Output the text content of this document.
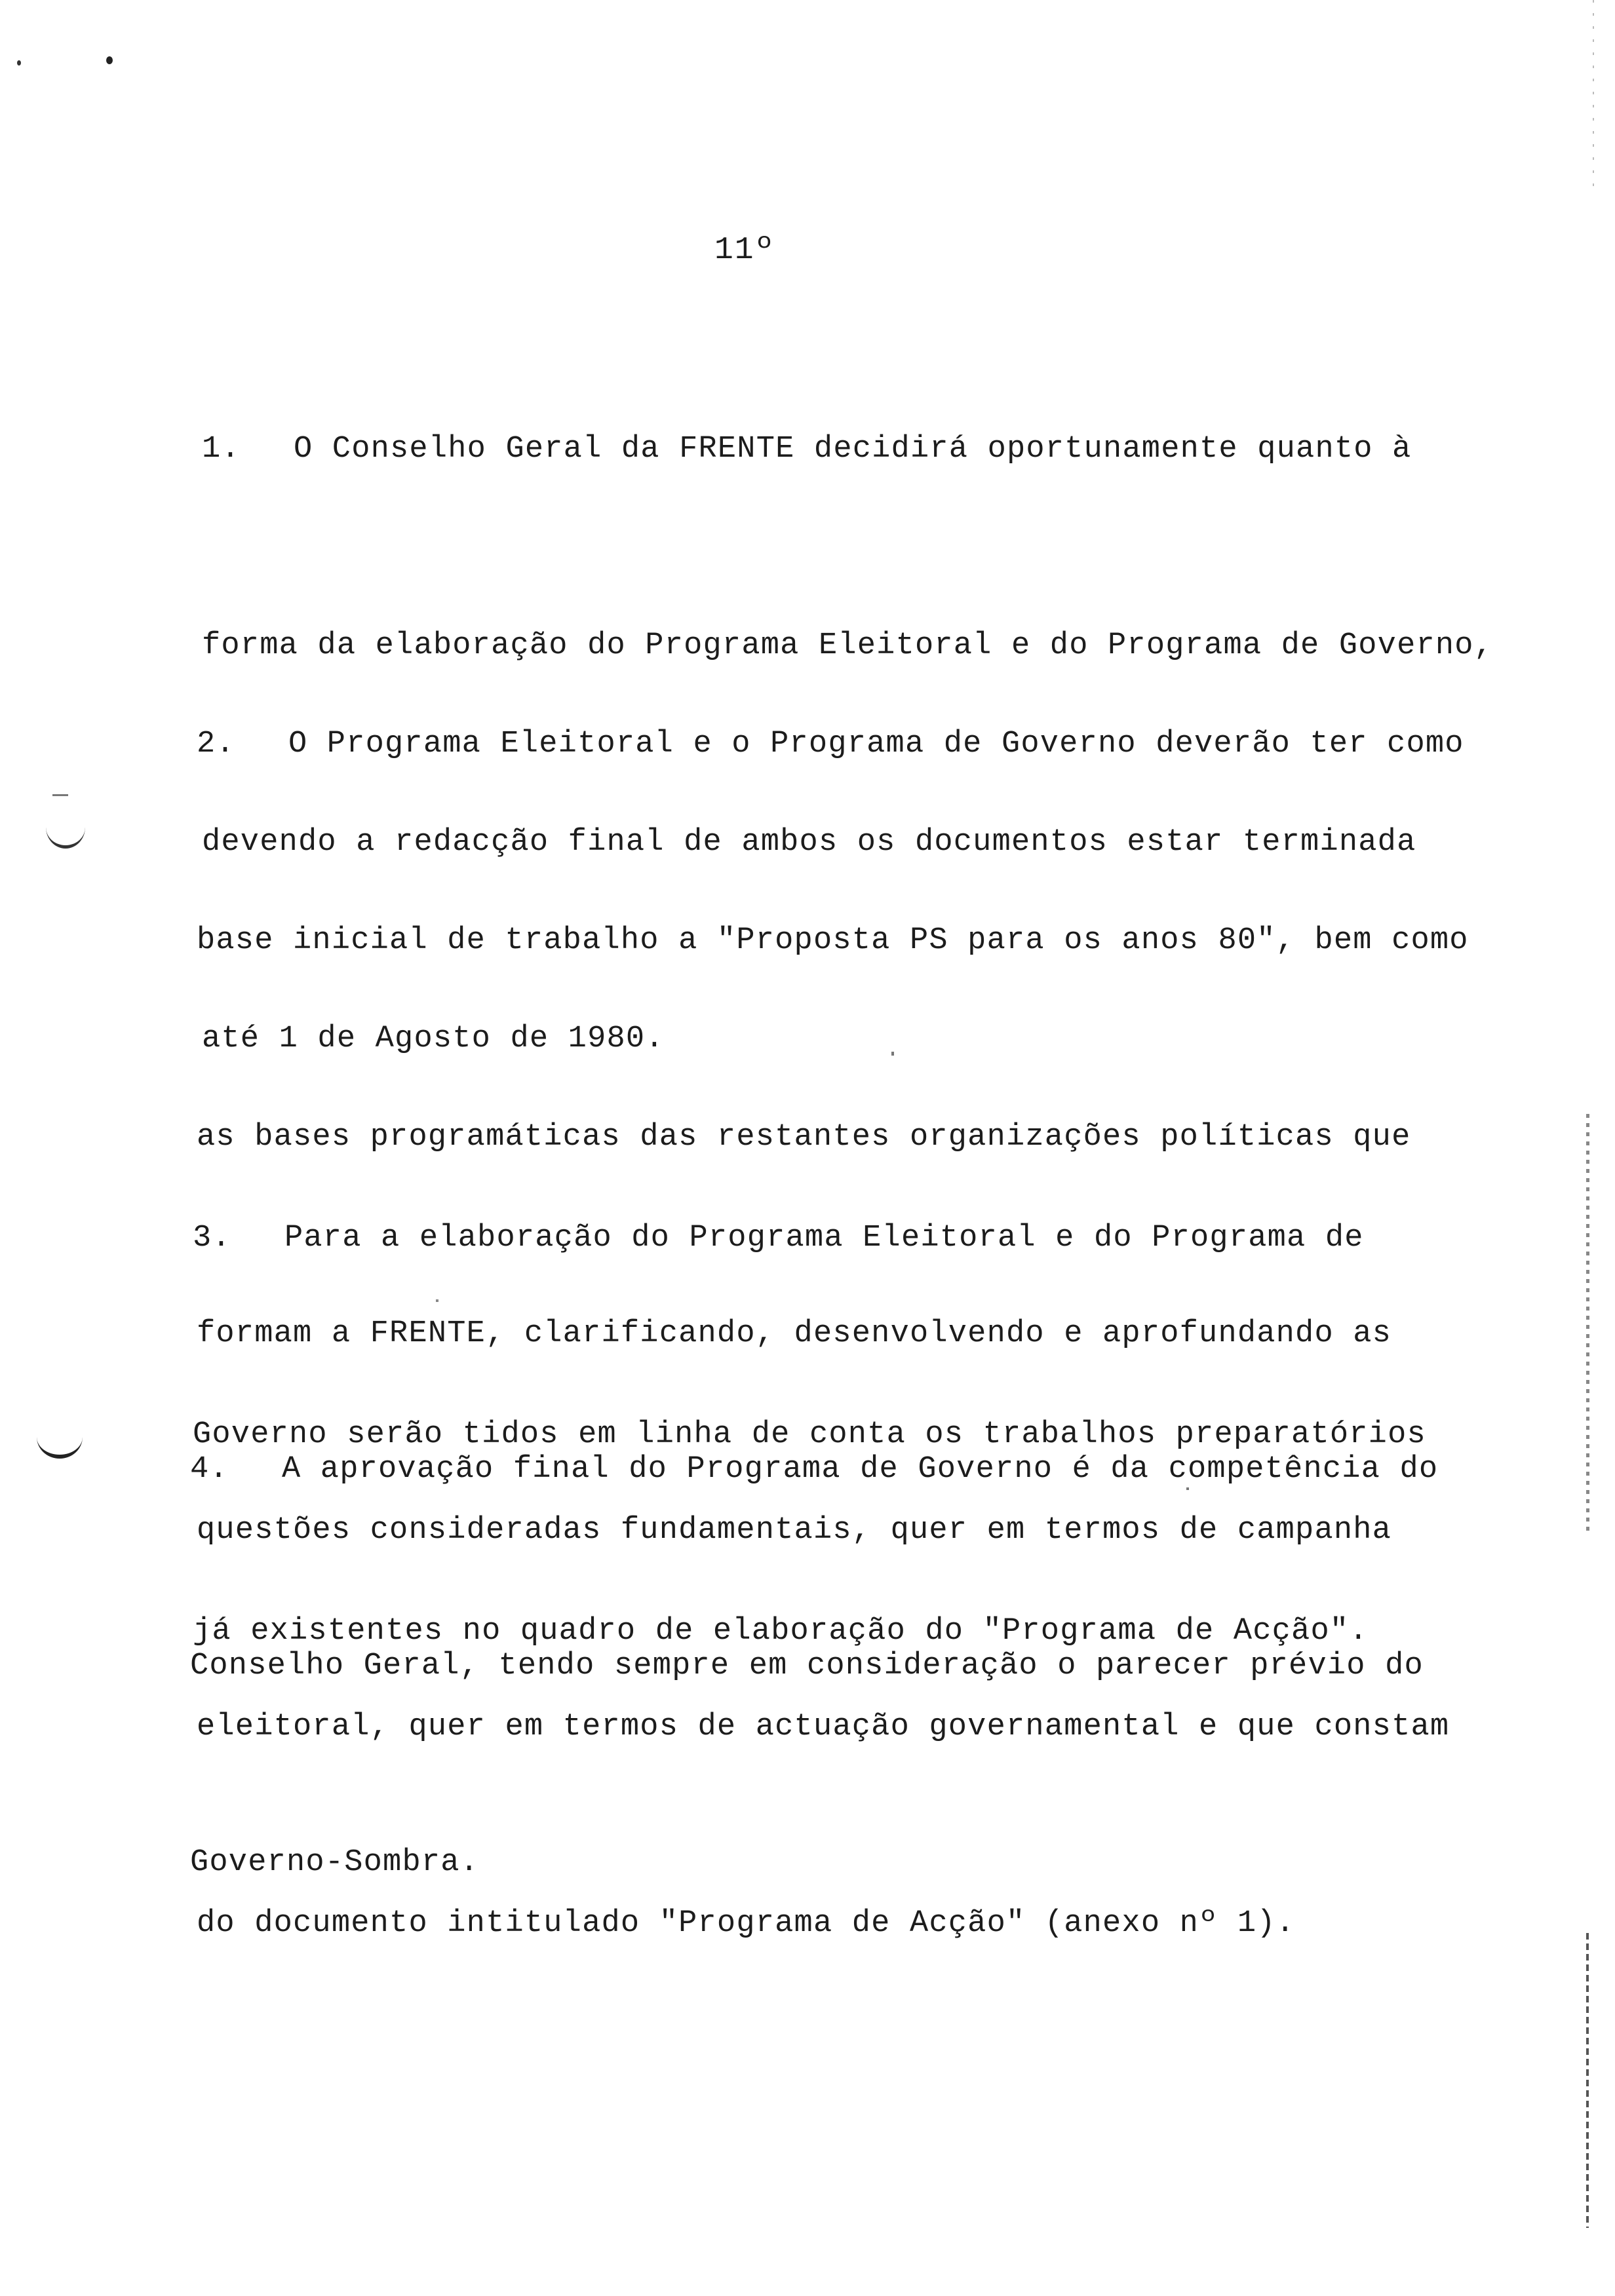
11º

1. O Conselho Geral da FRENTE decidirá oportunamente quanto à

forma da elaboração do Programa Eleitoral e do Programa de Governo,

devendo a redacção final de ambos os documentos estar terminada

até 1 de Agosto de 1980.

2. O Programa Eleitoral e o Programa de Governo deverão ter como

base inicial de trabalho a "Proposta PS para os anos 80", bem como

as bases programáticas das restantes organizações políticas que

formam a FRENTE, clarificando, desenvolvendo e aprofundando as

questões consideradas fundamentais, quer em termos de campanha

eleitoral, quer em termos de actuação governamental e que constam

do documento intitulado "Programa de Acção" (anexo nº 1).

3. Para a elaboração do Programa Eleitoral e do Programa de

Governo serão tidos em linha de conta os trabalhos preparatórios

já existentes no quadro de elaboração do "Programa de Acção".

4. A aprovação final do Programa de Governo é da competência do

Conselho Geral, tendo sempre em consideração o parecer prévio do

Governo-Sombra.
